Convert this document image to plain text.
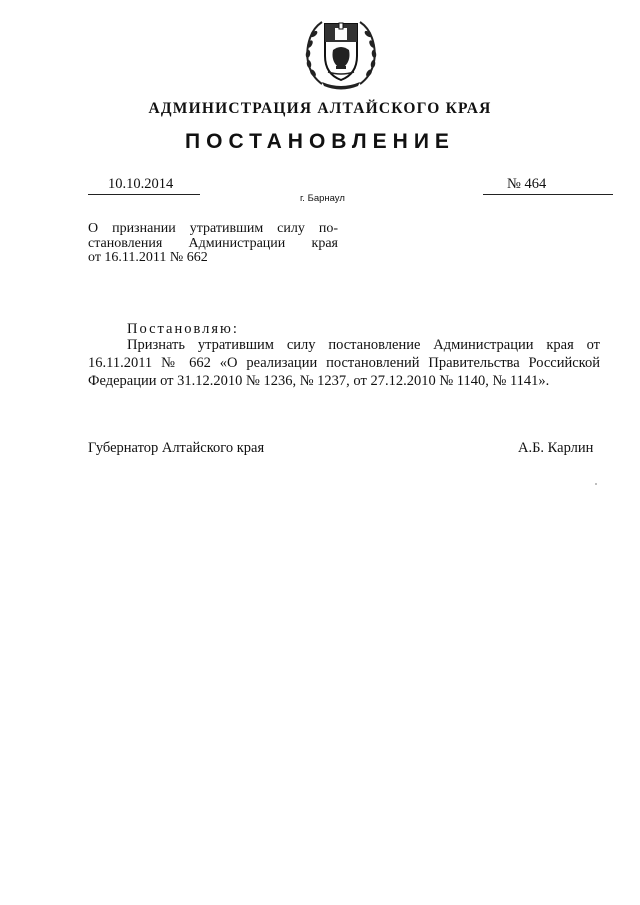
АДМИНИСТРАЦИЯ АЛТАЙСКОГО КРАЯ
ПОСТАНОВЛЕНИЕ
10.10.2014	№ 464
г. Барнаул
О признании утратившим силу по-
становления Администрации края
от 16.11.2011 № 662
Постановляю:
Признать утратившим силу постановление Администрации края от
16.11.2011 № 662 «О реализации постановлений Правительства Российской
Федерации от 31.12.2010 № 1236, № 1237, от 27.12.2010 № 1140, № 1141».
Губернатор Алтайского края	А.Б. Карлин
